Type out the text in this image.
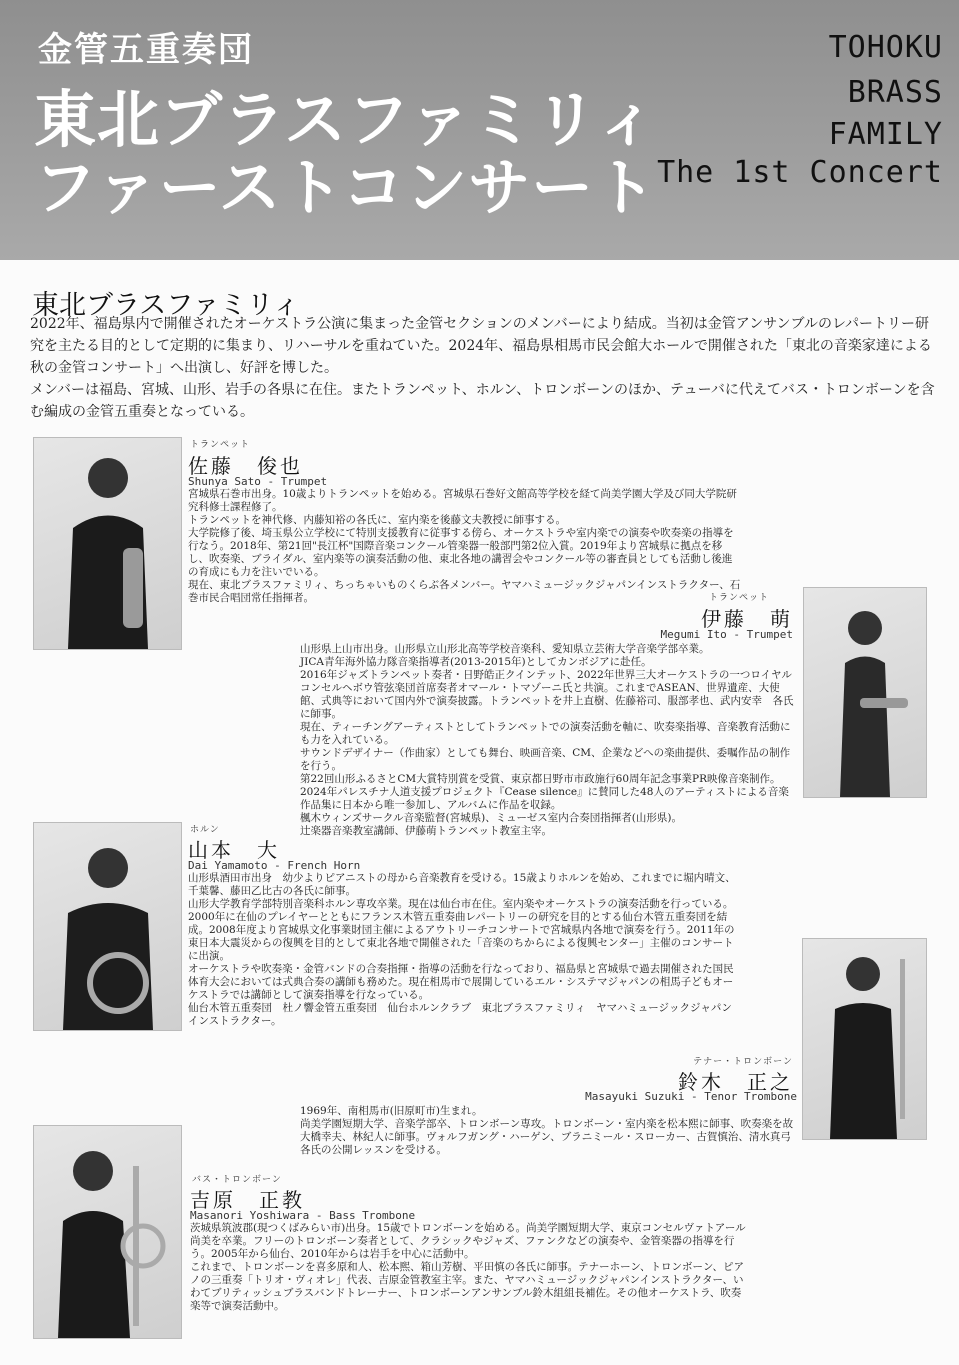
金管五重奏団
東北ブラスファミリィ
ファーストコンサート
TOHOKU
BRASS
FAMILY
The 1st Concert
東北ブラスファミリィ

2022年、福島県内で開催されたオーケストラ公演に集まった金管セクションのメンバーにより結成。当初は金管アンサンブルのレパートリー研究を主たる目的として定期的に集まり、リハーサルを重ねていた。2024年、福島県相馬市民会館大ホールで開催された「東北の音楽家達による秋の金管コンサート」へ出演し、好評を博した。

メンバーは福島、宮城、山形、岩手の各県に在住。またトランペット、ホルン、トロンボーンのほか、テューバに代えてバス・トロンボーンを含む編成の金管五重奏となっている。

トランペット
佐藤　俊也
Shunya Sato - Trumpet

宮城県石巻市出身。10歳よりトランペットを始める。宮城県石巻好文館高等学校を経て尚美学園大学及び同大学院研究科修士課程修了。

トランペットを神代修、内藤知裕の各氏に、室内楽を後藤文夫教授に師事する。

大学院修了後、埼玉県公立学校にて特別支援教育に従事する傍ら、オーケストラや室内楽での演奏や吹奏楽の指導を行なう。2018年、第21回"長江杯"国際音楽コンクール管楽器一般部門第2位入賞。2019年より宮城県に拠点を移し、吹奏楽、ブライダル、室内楽等の演奏活動の他、東北各地の講習会やコンクール等の審査員としても活動し後進の育成にも力を注いでいる。

現在、東北ブラスファミリィ、ちっちゃいものくらぶ各メンバー。ヤマハミュージックジャパンインストラクター、石巻市民合唱団常任指揮者。	トランペット
伊藤　萌
Megumi Ito - Trumpet

山形県上山市出身。山形県立山形北高等学校音楽科、愛知県立芸術大学音楽学部卒業。

JICA青年海外協力隊音楽指導者(2013-2015年)としてカンボジアに赴任。

2016年ジャズトランペット奏者・日野皓正クインテット、2022年世界三大オーケストラの一つロイヤルコンセルヘボウ管弦楽団首席奏者オマール・トマゾーニ氏と共演。これまでASEAN、世界遺産、大使館、式典等において国内外で演奏披露。トランペットを井上直樹、佐藤裕司、服部孝也、武内安幸　各氏に師事。

現在、ティーチングアーティストとしてトランペットでの演奏活動を軸に、吹奏楽指導、音楽教育活動にも力を入れている。

サウンドデザイナー（作曲家）としても舞台、映画音楽、CM、企業などへの楽曲提供、委嘱作品の制作を行う。

第22回山形ふるさとCM大賞特別賞を受賞、東京都日野市市政施行60周年記念事業PR映像音楽制作。2024年パレスチナ人道支援プロジェクト『Cease silence』に賛同した48人のアーティストによる音楽作品集に日本から唯一参加し、アルバムに作品を収録。

楓木ウィンズサークル音楽監督(宮城県)、ミューゼス室内合奏団指揮者(山形県)。

辻楽器音楽教室講師、伊藤萌トランペット教室主宰。

ホルン
山本　大
Dai Yamamoto - French Horn

山形県酒田市出身　幼少よりピアニストの母から音楽教育を受ける。15歳よりホルンを始め、これまでに堀内晴文、千葉馨、藤田乙比古の各氏に師事。

山形大学教育学部特別音楽科ホルン専攻卒業。現在は仙台市在住。室内楽やオーケストラの演奏活動を行っている。2000年に在仙のプレイヤーとともにフランス木管五重奏曲レパートリーの研究を目的とする仙台木管五重奏団を結成。2008年度より宮城県文化事業財団主催によるアウトリーチコンサートで宮城県内各地で演奏を行う。2011年の東日本大震災からの復興を目的として東北各地で開催された「音楽のちからによる復興センター」主催のコンサートに出演。

オーケストラや吹奏楽・金管バンドの合奏指揮・指導の活動を行なっており、福島県と宮城県で過去開催された国民体育大会においては式典合奏の講師も務めた。現在相馬市で展開しているエル・システマジャパンの相馬子どもオーケストラでは講師として演奏指導を行なっている。

仙台木管五重奏団　杜ノ響金管五重奏団　仙台ホルンクラブ　東北ブラスファミリィ　ヤマハミュージックジャパンインストラクター。

テナー・トロンボーン
鈴木　正之
Masayuki Suzuki - Tenor Trombone

1969年、南相馬市(旧原町市)生まれ。

尚美学園短期大学、音楽学部卒、トロンボーン専攻。トロンボーン・室内楽を松本熙に師事、吹奏楽を故大橋幸夫、林紀人に師事。ヴォルフガング・ハーゲン、ブラニミール・スローカー、古賀慎治、清水真弓各氏の公開レッスンを受ける。

バス・トロンボーン
吉原　正教
Masanori Yoshiwara - Bass Trombone

茨城県筑波郡(現つくばみらい市)出身。15歳でトロンボーンを始める。尚美学園短期大学、東京コンセルヴァトアール尚美を卒業。フリーのトロンボーン奏者として、クラシックやジャズ、ファンクなどの演奏や、金管楽器の指導を行う。2005年から仙台、2010年からは岩手を中心に活動中。

これまで、トロンボーンを喜多原和人、松本熙、箱山芳樹、平田慎の各氏に師事。テナーホーン、トロンボーン、ピアノの三重奏「トリオ・ヴィオレ」代表、吉原金管教室主宰。また、ヤマハミュージックジャパンインストラクター、いわてブリティッシュブラスバンドトレーナー、トロンボーンアンサンブル鈴木組組長補佐。その他オーケストラ、吹奏楽等で演奏活動中。
